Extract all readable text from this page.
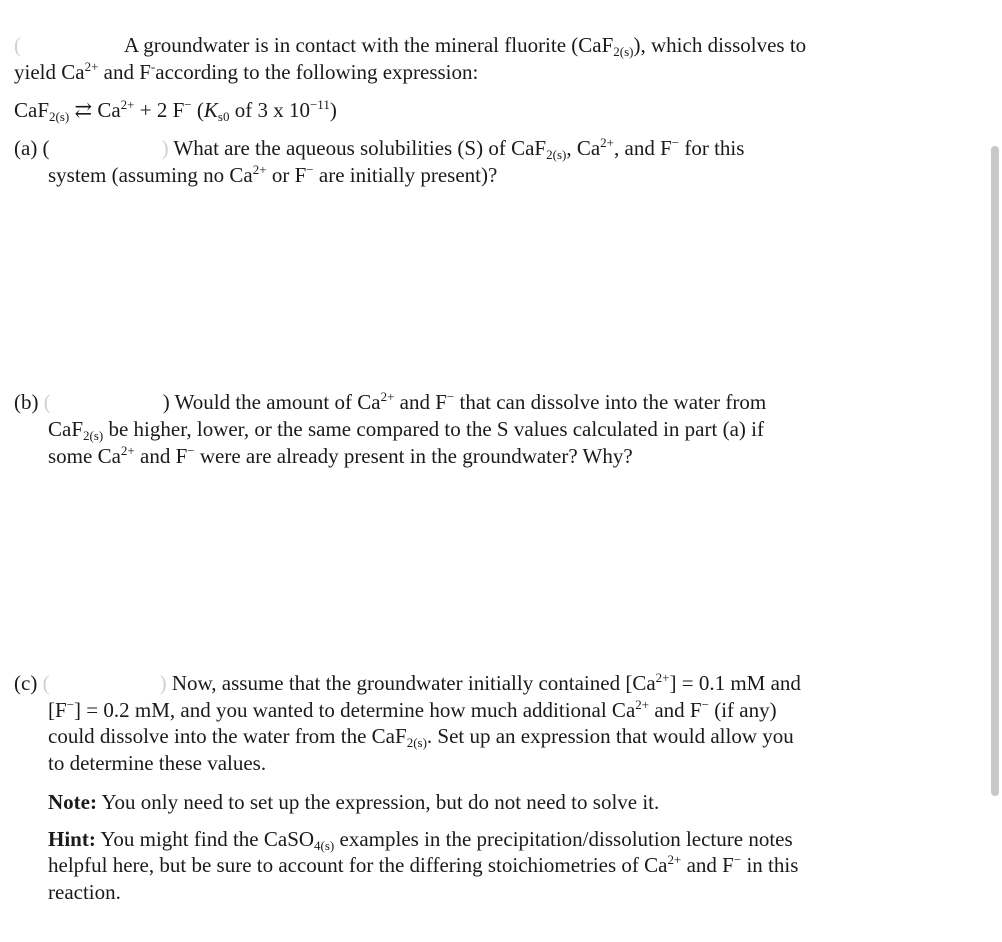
(	A groundwater is in contact with the mineral fluorite (CaF$_{2(s)}$), which dissolves to
yield $Ca^{2+}$ and F-according to the following expression:
CaF$_{2(s)}$ ⇄ $Ca^{2+} + 2$ F− ($K_{s0}$ of 3 x $10^{-11}$)
(a) (	) What are the aqueous solubilities (S) of CaF$_{2(s)}$, $Ca^{2+}$, and F− for this
system (assuming no $Ca^{2+}$ or F− are initially present)?
(b) (	) Would the amount of $Ca^{2+}$ and F− that can dissolve into the water from
CaF$_{2(s)}$ be higher, lower, or the same compared to the S values calculated in part (a) if
some $Ca^{2+}$ and F− were are already present in the groundwater? Why?
(c) (	) Now, assume that the groundwater initially contained $[Ca^{2+}] = 0.1$ mM and
[F−] = 0.2 mM, and you wanted to determine how much additional $Ca^{2+}$ and F− (if any)
could dissolve into the water from the CaF$_{2(s)}$. Set up an expression that would allow you
to determine these values.
Note: You only need to set up the expression, but do not need to solve it.
Hint: You might find the CaSO$_{4(s)}$ examples in the precipitation/dissolution lecture notes
helpful here, but be sure to account for the differing stoichiometries of $Ca^{2+}$ and F− in this
reaction.
